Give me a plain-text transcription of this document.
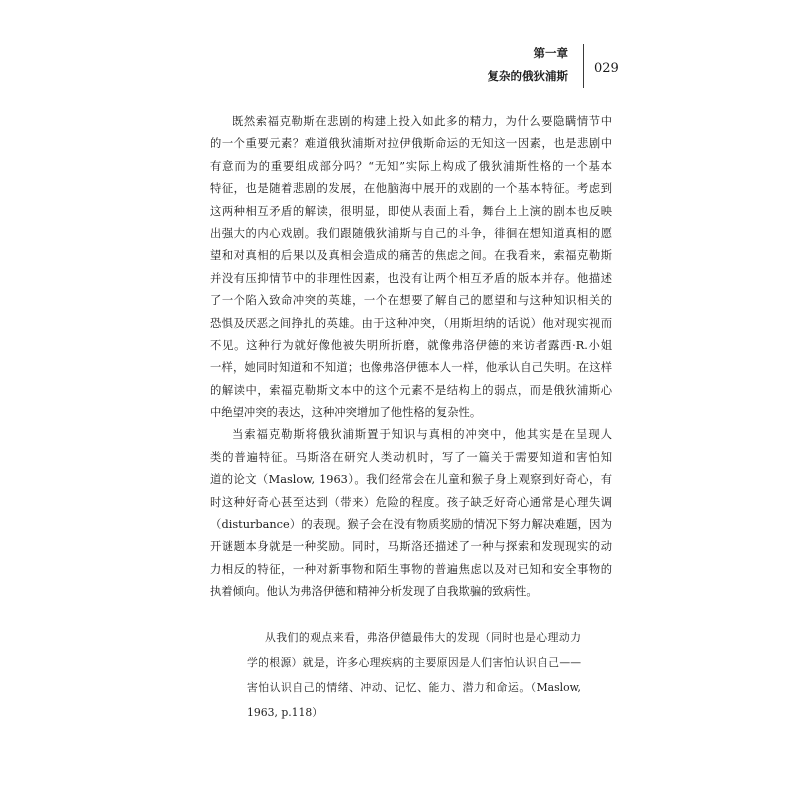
第一章
复杂的俄狄浦斯 029
既然索福克勒斯在悲剧的构建上投入如此多的精力，为什么要隐瞒情节中
的一个重要元素？难道俄狄浦斯对拉伊俄斯命运的无知这一因素，也是悲剧中
有意而为的重要组成部分吗？“无知”实际上构成了俄狄浦斯性格的一个基本
特征，也是随着悲剧的发展，在他脑海中展开的戏剧的一个基本特征。考虑到
这两种相互矛盾的解读，很明显，即使从表面上看，舞台上上演的剧本也反映
出强大的内心戏剧。我们跟随俄狄浦斯与自己的斗争，徘徊在想知道真相的愿
望和对真相的后果以及真相会造成的痛苦的焦虑之间。在我看来，索福克勒斯
并没有压抑情节中的非理性因素，也没有让两个相互矛盾的版本并存。他描述
了一个陷入致命冲突的英雄，一个在想要了解自己的愿望和与这种知识相关的
恐惧及厌恶之间挣扎的英雄。由于这种冲突，（用斯坦纳的话说）他对现实视而
不见。这种行为就好像他被失明所折磨，就像弗洛伊德的来访者露西·R.小姐
一样，她同时知道和不知道；也像弗洛伊德本人一样，他承认自己失明。在这样
的解读中，索福克勒斯文本中的这个元素不是结构上的弱点，而是俄狄浦斯心
中绝望冲突的表达，这种冲突增加了他性格的复杂性。
当索福克勒斯将俄狄浦斯置于知识与真相的冲突中，他其实是在呈现人
类的普遍特征。马斯洛在研究人类动机时，写了一篇关于需要知道和害怕知
道的论文（Maslow, 1963）。我们经常会在儿童和猴子身上观察到好奇心，有
时这种好奇心甚至达到（带来）危险的程度。孩子缺乏好奇心通常是心理失调
（disturbance）的表现。猴子会在没有物质奖励的情况下努力解决难题，因为
开谜题本身就是一种奖励。同时，马斯洛还描述了一种与探索和发现现实的动
力相反的特征，一种对新事物和陌生事物的普遍焦虑以及对已知和安全事物的
执着倾向。他认为弗洛伊德和精神分析发现了自我欺骗的致病性。
从我们的观点来看，弗洛伊德最伟大的发现（同时也是心理动力
学的根源）就是，许多心理疾病的主要原因是人们害怕认识自己——
害怕认识自己的情绪、冲动、记忆、能力、潜力和命运。（Maslow,
1963, p.118）
